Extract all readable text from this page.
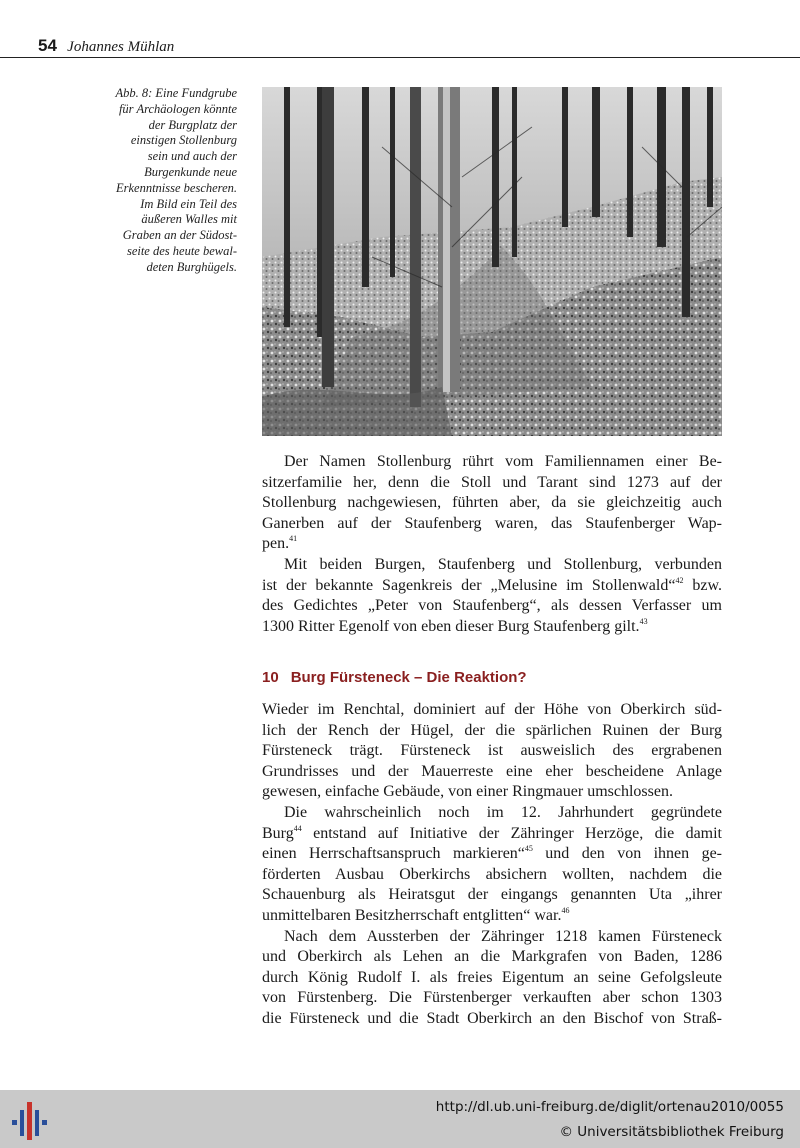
54 Johannes Mühlan
Abb. 8: Eine Fundgrube
für Archäologen könnte
der Burgplatz der
einstigen Stollenburg
sein und auch der
Burgenkunde neue
Erkenntnisse bescheren.
Im Bild ein Teil des
äußeren Walles mit
Graben an der Südost-
seite des heute bewal-
deten Burghügels.
Der Namen Stollenburg rührt vom Familiennamen einer Be-
sitzerfamilie her, denn die Stoll und Tarant sind 1273 auf der
Stollenburg nachgewiesen, führten aber, da sie gleichzeitig auch
Ganerben auf der Staufenberg waren, das Staufenberger Wap-
pen.$^{41}$
Mit beiden Burgen, Staufenberg und Stollenburg, verbunden
ist der bekannte Sagenkreis der „Melusine im Stollenwald“$^{42}$ bzw.
des Gedichtes „Peter von Staufenberg“, als dessen Verfasser um
1300 Ritter Egenolf von eben dieser Burg Staufenberg gilt.$^{43}$
10 Burg Fürsteneck – Die Reaktion?
Wieder im Renchtal, dominiert auf der Höhe von Oberkirch süd-
lich der Rench der Hügel, der die spärlichen Ruinen der Burg
Fürsteneck trägt. Fürsteneck ist ausweislich des ergrabenen
Grundrisses und der Mauerreste eine eher bescheidene Anlage
gewesen, einfache Gebäude, von einer Ringmauer umschlossen.
Die wahrscheinlich noch im 12. Jahrhundert gegründete
Burg$^{44}$ entstand auf Initiative der Zähringer Herzöge, die damit
einen Herrschaftsanspruch markieren“$^{45}$ und den von ihnen ge-
förderten Ausbau Oberkirchs absichern wollten, nachdem die
Schauenburg als Heiratsgut der eingangs genannten Uta „ihrer
unmittelbaren Besitzherrschaft entglitten“ war.$^{46}$
Nach dem Aussterben der Zähringer 1218 kamen Fürsteneck
und Oberkirch als Lehen an die Markgrafen von Baden, 1286
durch König Rudolf I. als freies Eigentum an seine Gefolgsleute
von Fürstenberg. Die Fürstenberger verkauften aber schon 1303
die Fürsteneck und die Stadt Oberkirch an den Bischof von Straß-
http://dl.ub.uni-freiburg.de/diglit/ortenau2010/0055
© Universitätsbibliothek Freiburg
